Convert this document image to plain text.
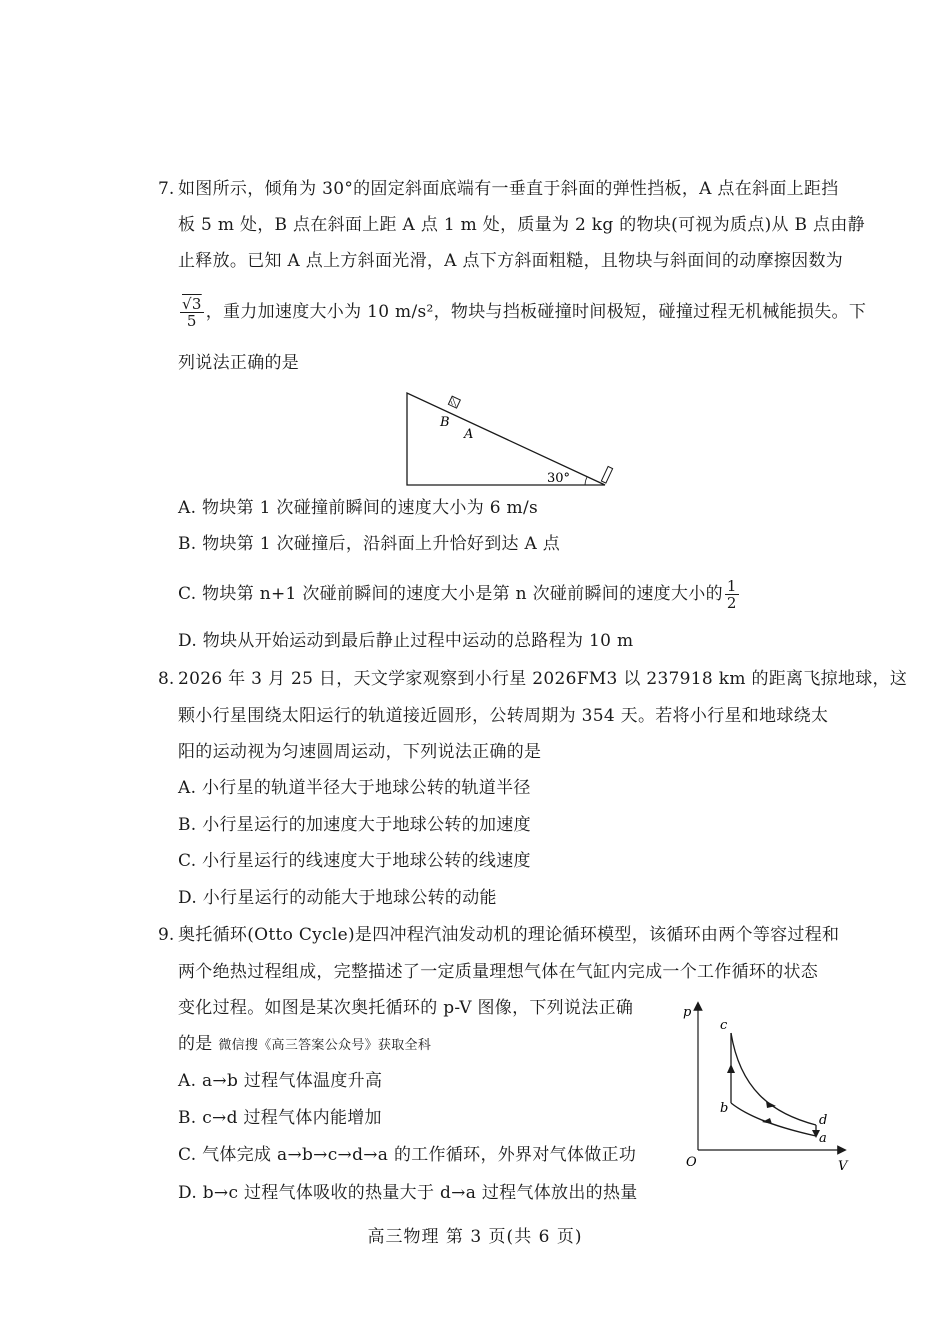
7. 如图所示，倾角为 30°的固定斜面底端有一垂直于斜面的弹性挡板，A 点在斜面上距挡
板 5 m 处，B 点在斜面上距 A 点 1 m 处，质量为 2 kg 的物块(可视为质点)从 B 点由静
止释放。已知 A 点上方斜面光滑，A 点下方斜面粗糙，且物块与斜面间的动摩擦因数为
$\frac{√3}{5}$ ，重力加速度大小为 10 m/s²，物块与挡板碰撞时间极短，碰撞过程无机械能损失。下
列说法正确的是
B
A
30°
A. 物块第 1 次碰撞前瞬间的速度大小为 6 m/s
B. 物块第 1 次碰撞后，沿斜面上升恰好到达 A 点
C. 物块第 n+1 次碰前瞬间的速度大小是第 n 次碰前瞬间的速度大小的 $\frac{1}{2}$
D. 物块从开始运动到最后静止过程中运动的总路程为 10 m
8. 2026 年 3 月 25 日，天文学家观察到小行星 2026FM3 以 237918 km 的距离飞掠地球，这
颗小行星围绕太阳运行的轨道接近圆形，公转周期为 354 天。若将小行星和地球绕太
阳的运动视为匀速圆周运动，下列说法正确的是
A. 小行星的轨道半径大于地球公转的轨道半径
B. 小行星运行的加速度大于地球公转的加速度
C. 小行星运行的线速度大于地球公转的线速度
D. 小行星运行的动能大于地球公转的动能
9. 奥托循环(Otto Cycle)是四冲程汽油发动机的理论循环模型，该循环由两个等容过程和
两个绝热过程组成，完整描述了一定质量理想气体在气缸内完成一个工作循环的状态
变化过程。如图是某次奥托循环的 p-V 图像，下列说法正确
的是 微信搜《高三答案公众号》获取全科
p
V
O
c
b
d
a
A. a→b 过程气体温度升高
B. c→d 过程气体内能增加
C. 气体完成 a→b→c→d→a 的工作循环，外界对气体做正功
D. b→c 过程气体吸收的热量大于 d→a 过程气体放出的热量
高三物理 第 3 页(共 6 页)
